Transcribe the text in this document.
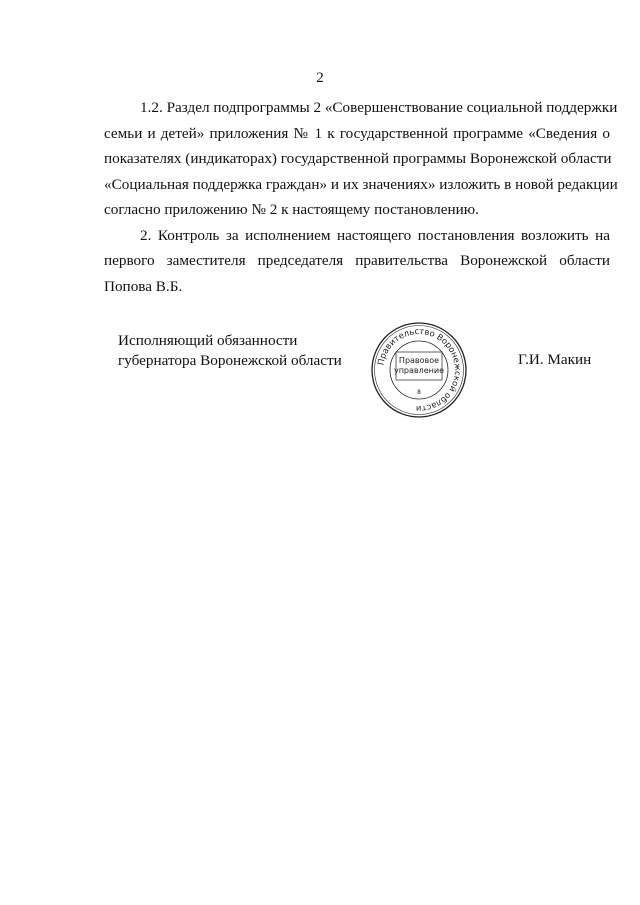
2

1.2. Раздел подпрограммы 2 «Совершенствование социальной поддержки
семьи и детей» приложения № 1 к государственной программе «Сведения о
показателях (индикаторах) государственной программы Воронежской области
«Социальная поддержка граждан» и их значениях» изложить в новой редакции
согласно приложению № 2 к настоящему постановлению.

2. Контроль за исполнением настоящего постановления возложить на
первого заместителя председателя правительства Воронежской области
Попова В.Б.

Исполняющий обязанности
губернатора Воронежской области	Правительство Воронежской области
Правовое
управление
8
Г.И. Макин
